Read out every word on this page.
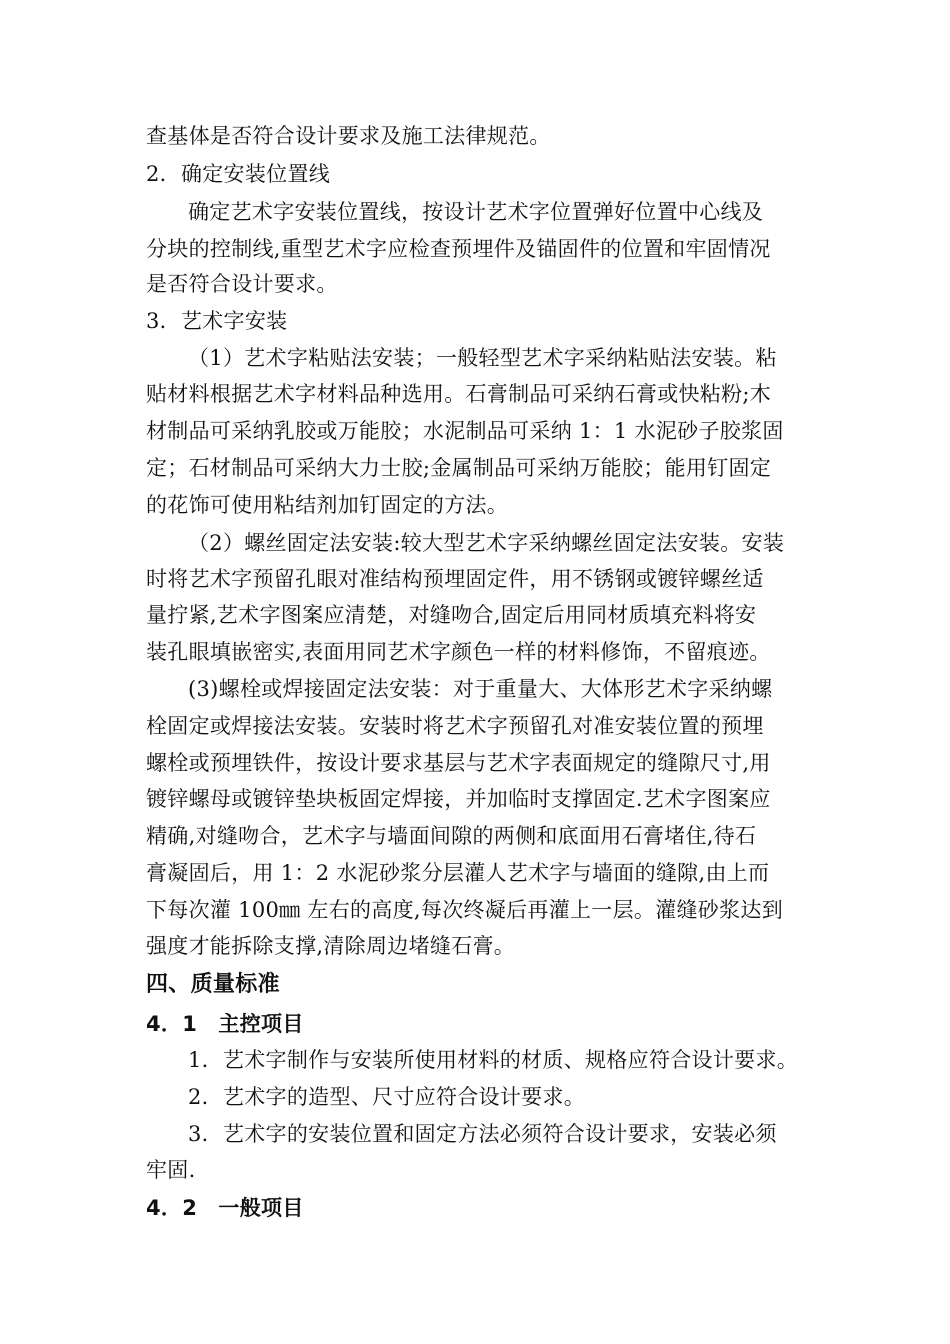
查基体是否符合设计要求及施工法律规范。
2．确定安装位置线
确定艺术字安装位置线，按设计艺术字位置弹好位置中心线及
分块的控制线,重型艺术字应检查预埋件及锚固件的位置和牢固情况
是否符合设计要求。
3．艺术字安装
（1）艺术字粘贴法安装；一般轻型艺术字采纳粘贴法安装。粘
贴材料根据艺术字材料品种选用。石膏制品可采纳石膏或快粘粉;木
材制品可采纳乳胶或万能胶；水泥制品可采纳 1：1 水泥砂子胶浆固
定；石材制品可采纳大力士胶;金属制品可采纳万能胶；能用钉固定
的花饰可使用粘结剂加钉固定的方法。
（2）螺丝固定法安装:较大型艺术字采纳螺丝固定法安装。安装
时将艺术字预留孔眼对准结构预埋固定件，用不锈钢或镀锌螺丝适
量拧紧,艺术字图案应清楚，对缝吻合,固定后用同材质填充料将安
装孔眼填嵌密实,表面用同艺术字颜色一样的材料修饰，不留痕迹。
(3)螺栓或焊接固定法安装：对于重量大、大体形艺术字采纳螺
栓固定或焊接法安装。安装时将艺术字预留孔对准安装位置的预埋
螺栓或预埋铁件，按设计要求基层与艺术字表面规定的缝隙尺寸,用
镀锌螺母或镀锌垫块板固定焊接，并加临时支撑固定.艺术字图案应
精确,对缝吻合，艺术字与墙面间隙的两侧和底面用石膏堵住,待石
膏凝固后，用 1：2 水泥砂浆分层灌人艺术字与墙面的缝隙,由上而
下每次灌 100㎜ 左右的高度,每次终凝后再灌上一层。灌缝砂浆达到
强度才能拆除支撑,清除周边堵缝石膏。
四、质量标准
4．1　主控项目
1．艺术字制作与安装所使用材料的材质、规格应符合设计要求。
2．艺术字的造型、尺寸应符合设计要求。
3．艺术字的安装位置和固定方法必须符合设计要求，安装必须
牢固.
4．2　一般项目
